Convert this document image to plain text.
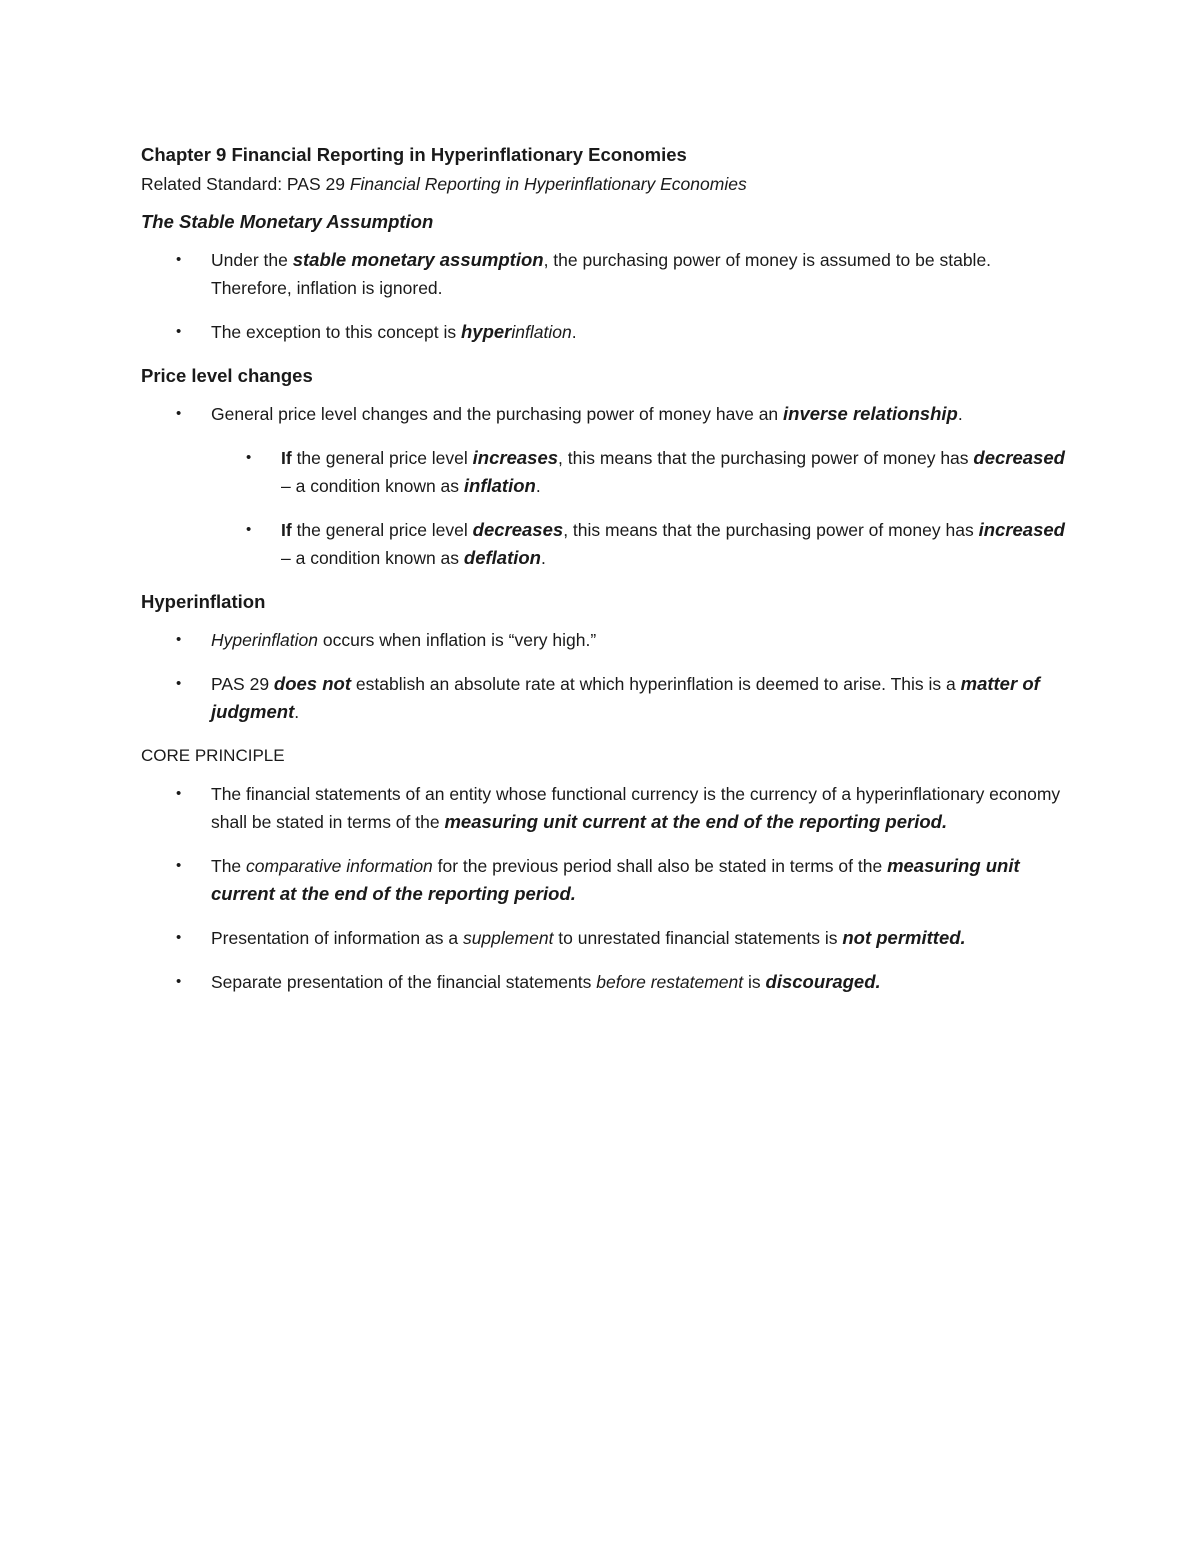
Chapter 9 Financial Reporting in Hyperinflationary Economies

Related Standard: PAS 29 Financial Reporting in Hyperinflationary Economies

The Stable Monetary Assumption

• Under the stable monetary assumption, the purchasing power of money is assumed to be stable. Therefore, inflation is ignored.
• The exception to this concept is hyperinflation.

Price level changes

• General price level changes and the purchasing power of money have an inverse relationship.
• If the general price level increases, this means that the purchasing power of money has decreased – a condition known as inflation.
• If the general price level decreases, this means that the purchasing power of money has increased – a condition known as deflation.

Hyperinflation

• Hyperinflation occurs when inflation is “very high.”
• PAS 29 does not establish an absolute rate at which hyperinflation is deemed to arise. This is a matter of judgment.

CORE PRINCIPLE

• The financial statements of an entity whose functional currency is the currency of a hyperinflationary economy shall be stated in terms of the measuring unit current at the end of the reporting period.
• The comparative information for the previous period shall also be stated in terms of the measuring unit current at the end of the reporting period.
• Presentation of information as a supplement to unrestated financial statements is not permitted.
• Separate presentation of the financial statements before restatement is discouraged.
